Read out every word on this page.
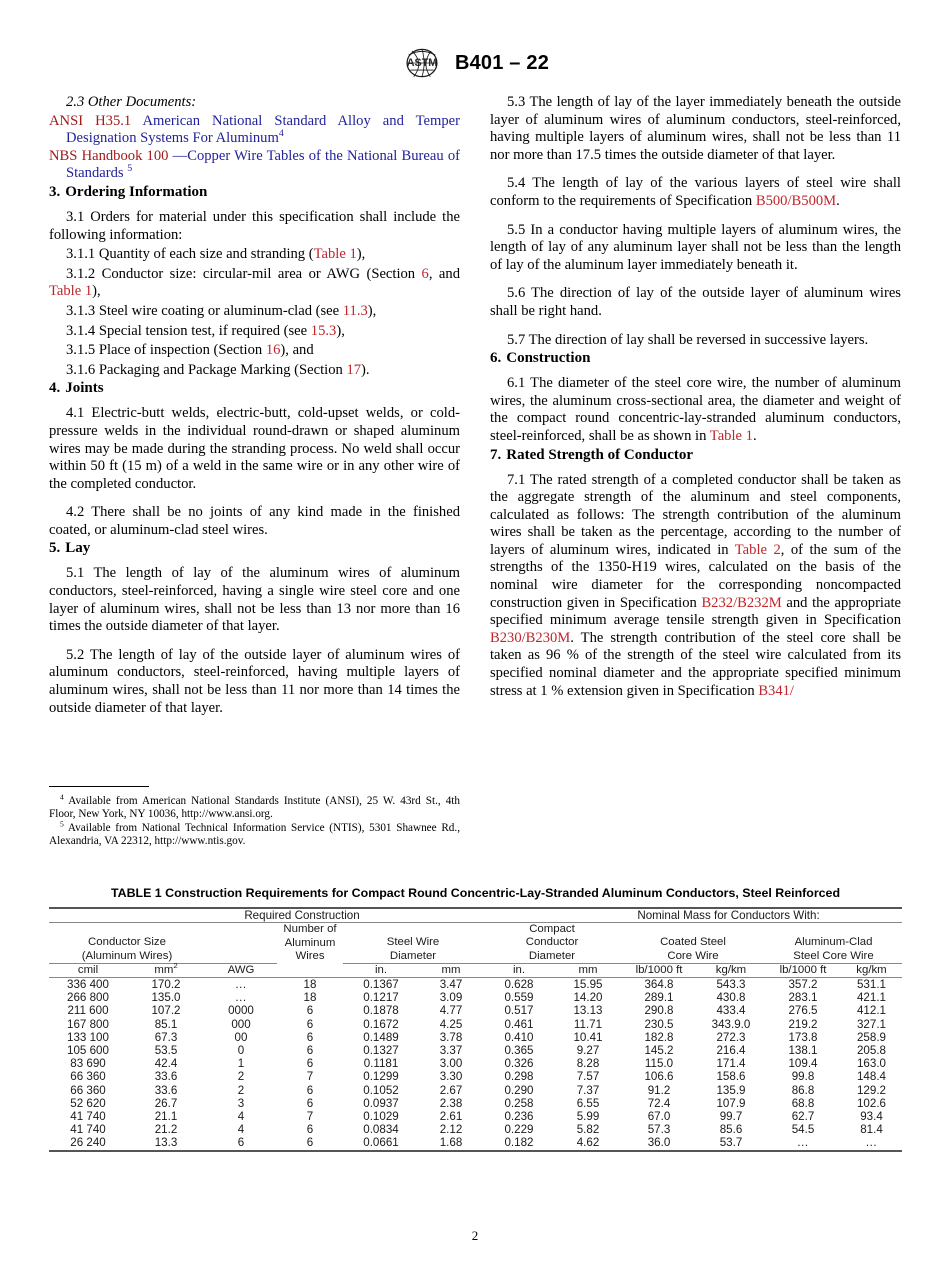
ASTM B401 – 22

2.3 Other Documents:

ANSI H35.1 American National Standard Alloy and Temper Designation Systems For Aluminum$^4$

NBS Handbook 100 —Copper Wire Tables of the National Bureau of Standards $^5$

3. Ordering Information

3.1 Orders for material under this specification shall include the following information:

3.1.1 Quantity of each size and stranding (Table 1),

3.1.2 Conductor size: circular-mil area or AWG (Section 6, and Table 1),

3.1.3 Steel wire coating or aluminum-clad (see 11.3),

3.1.4 Special tension test, if required (see 15.3),

3.1.5 Place of inspection (Section 16), and

3.1.6 Packaging and Package Marking (Section 17).

4. Joints

4.1 Electric-butt welds, electric-butt, cold-upset welds, or cold-pressure welds in the individual round-drawn or shaped aluminum wires may be made during the stranding process. No weld shall occur within 50 ft (15 m) of a weld in the same wire or in any other wire of the completed conductor.

4.2 There shall be no joints of any kind made in the finished coated, or aluminum-clad steel wires.

5. Lay

5.1 The length of lay of the aluminum wires of aluminum conductors, steel-reinforced, having a single wire steel core and one layer of aluminum wires, shall not be less than 13 nor more than 16 times the outside diameter of that layer.

5.2 The length of lay of the outside layer of aluminum wires of aluminum conductors, steel-reinforced, having multiple layers of aluminum wires, shall not be less than 11 nor more than 14 times the outside diameter of that layer.

$^4$ Available from American National Standards Institute (ANSI), 25 W. 43rd St., 4th Floor, New York, NY 10036, http://www.ansi.org.

$^5$ Available from National Technical Information Service (NTIS), 5301 Shawnee Rd., Alexandria, VA 22312, http://www.ntis.gov.

5.3 The length of lay of the layer immediately beneath the outside layer of aluminum wires of aluminum conductors, steel-reinforced, having multiple layers of aluminum wires, shall not be less than 11 nor more than 17.5 times the outside diameter of that layer.

5.4 The length of lay of the various layers of steel wire shall conform to the requirements of Specification B500/B500M.

5.5 In a conductor having multiple layers of aluminum wires, the length of lay of any aluminum layer shall not be less than the length of lay of the aluminum layer immediately beneath it.

5.6 The direction of lay of the outside layer of aluminum wires shall be right hand.

5.7 The direction of lay shall be reversed in successive layers.

6. Construction

6.1 The diameter of the steel core wire, the number of aluminum wires, the aluminum cross-sectional area, the diameter and weight of the compact round concentric-lay-stranded aluminum conductors, steel-reinforced, shall be as shown in Table 1.

7. Rated Strength of Conductor

7.1 The rated strength of a completed conductor shall be taken as the aggregate strength of the aluminum and steel components, calculated as follows: The strength contribution of the aluminum wires shall be taken as the percentage, according to the number of layers of aluminum wires, indicated in Table 2, of the sum of the strengths of the 1350-H19 wires, calculated on the basis of the nominal wire diameter for the corresponding noncompacted construction given in Specification B232/B232M and the appropriate specified minimum average tensile strength given in Specification B230/B230M. The strength contribution of the steel core shall be taken as 96 % of the strength of the steel wire calculated from its specified nominal diameter and the appropriate specified minimum stress at 1 % extension given in Specification B341/

TABLE 1 Construction Requirements for Compact Round Concentric-Lay-Stranded Aluminum Conductors, Steel Reinforced

Required Construction							Nominal Mass for Conductors With:				

Conductor Size
(Aluminum Wires)			Number of
Aluminum
Wires	Steel Wire
Diameter		Compact
Conductor
Diameter		Coated Steel
Core Wire		Aluminum-Clad
Steel Core Wire	

cmil	$mm^2$	AWG		in.	mm	in.	mm	lb/1000 ft	kg/km	lb/1000 ft	kg/km

336 400	170.2	...	18	0.1367	3.47	0.628	15.95	364.8	543.3	357.2	531.1
266 800	135.0	...	18	0.1217	3.09	0.559	14.20	289.1	430.8	283.1	421.1
211 600	107.2	0000	6	0.1878	4.77	0.517	13.13	290.8	433.4	276.5	412.1
167 800	85.1	000	6	0.1672	4.25	0.461	11.71	230.5	343.9.0	219.2	327.1
133 100	67.3	00	6	0.1489	3.78	0.410	10.41	182.8	272.3	173.8	258.9
105 600	53.5	0	6	0.1327	3.37	0.365	9.27	145.2	216.4	138.1	205.8
83 690	42.4	1	6	0.1181	3.00	0.326	8.28	115.0	171.4	109.4	163.0
66 360	33.6	2	7	0.1299	3.30	0.298	7.57	106.6	158.6	99.8	148.4
66 360	33.6	2	6	0.1052	2.67	0.290	7.37	91.2	135.9	86.8	129.2
52 620	26.7	3	6	0.0937	2.38	0.258	6.55	72.4	107.9	68.8	102.6
41 740	21.1	4	7	0.1029	2.61	0.236	5.99	67.0	99.7	62.7	93.4
41 740	21.2	4	6	0.0834	2.12	0.229	5.82	57.3	85.6	54.5	81.4
26 240	13.3	6	6	0.0661	1.68	0.182	4.62	36.0	53.7	...	...

2
